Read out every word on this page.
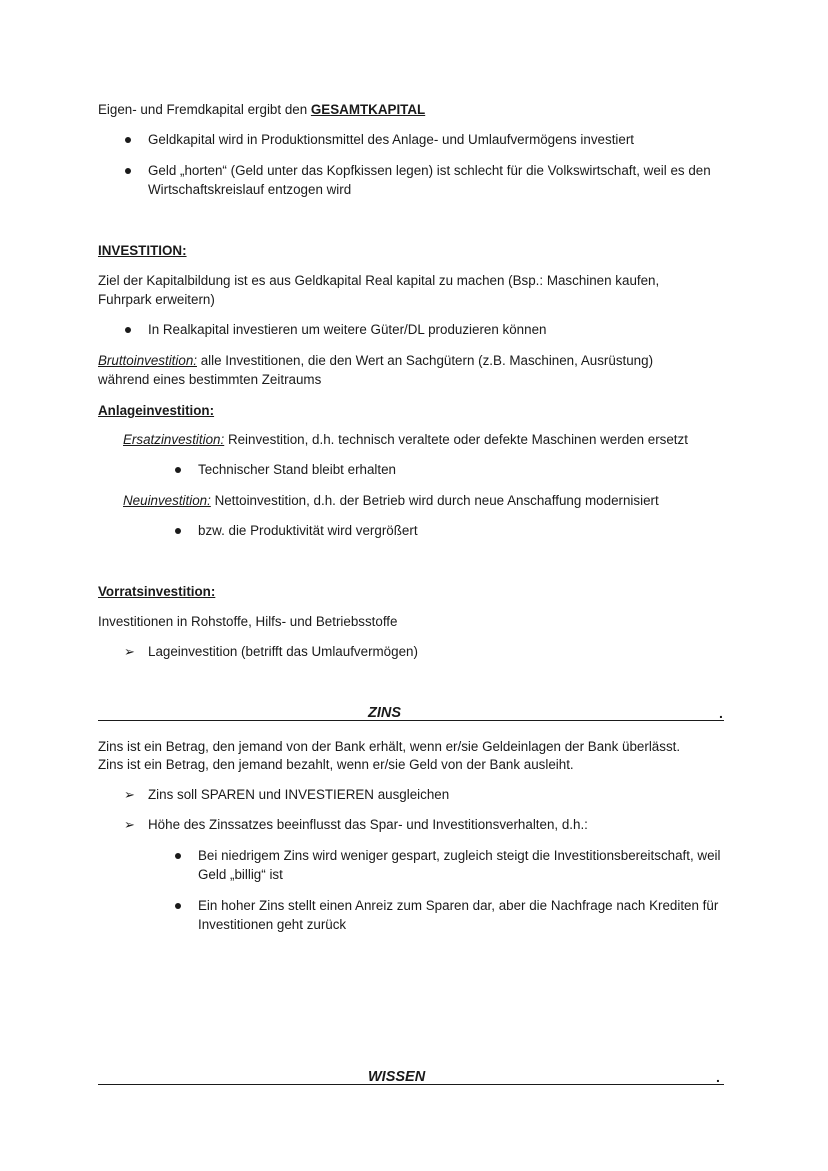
Eigen- und Fremdkapital ergibt den GESAMTKAPITAL
Geldkapital wird in Produktionsmittel des Anlage- und Umlaufvermögens investiert
Geld „horten“ (Geld unter das Kopfkissen legen) ist schlecht für die Volkswirtschaft, weil es den Wirtschaftskreislauf entzogen wird
INVESTITION:
Ziel der Kapitalbildung ist es aus Geldkapital Real kapital zu machen (Bsp.: Maschinen kaufen, Fuhrpark erweitern)
In Realkapital investieren um weitere Güter/DL produzieren können
Bruttoinvestition: alle Investitionen, die den Wert an Sachgütern (z.B. Maschinen, Ausrüstung) während eines bestimmten Zeitraums
Anlageinvestition:
Ersatzinvestition: Reinvestition, d.h. technisch veraltete oder defekte Maschinen werden ersetzt
Technischer Stand bleibt erhalten
Neuinvestition: Nettoinvestition, d.h. der Betrieb wird durch neue Anschaffung modernisiert
bzw. die Produktivität wird vergrößert
Vorratsinvestition:
Investitionen in Rohstoffe, Hilfs- und Betriebsstoffe
➢ Lageinvestition (betrifft das Umlaufvermögen)
ZINS	.
Zins ist ein Betrag, den jemand von der Bank erhält, wenn er/sie Geldeinlagen der Bank überlässt.
Zins ist ein Betrag, den jemand bezahlt, wenn er/sie Geld von der Bank ausleiht.
➢ Zins soll SPAREN und INVESTIEREN ausgleichen
➢ Höhe des Zinssatzes beeinflusst das Spar- und Investitionsverhalten, d.h.:
Bei niedrigem Zins wird weniger gespart, zugleich steigt die Investitionsbereitschaft, weil Geld „billig“ ist
Ein hoher Zins stellt einen Anreiz zum Sparen dar, aber die Nachfrage nach Krediten für Investitionen geht zurück
WISSEN	.
